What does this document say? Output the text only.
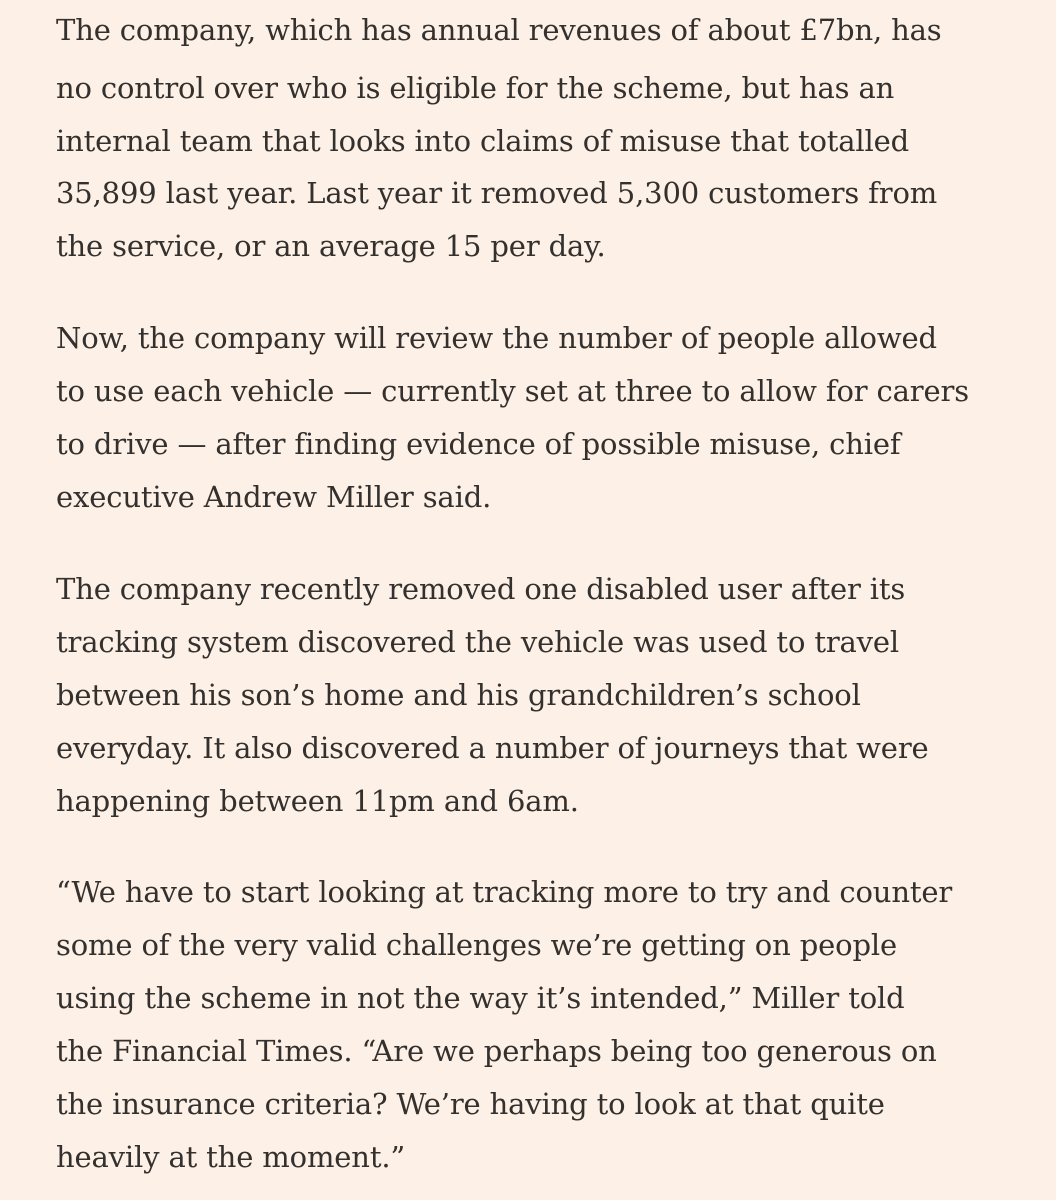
The company, which has annual revenues of about £7bn, has
no control over who is eligible for the scheme, but has an
internal team that looks into claims of misuse that totalled
35,899 last year. Last year it removed 5,300 customers from
the service, or an average 15 per day.
Now, the company will review the number of people allowed
to use each vehicle — currently set at three to allow for carers
to drive — after finding evidence of possible misuse, chief
executive Andrew Miller said.
The company recently removed one disabled user after its
tracking system discovered the vehicle was used to travel
between his son’s home and his grandchildren’s school
everyday. It also discovered a number of journeys that were
happening between 11pm and 6am.
“We have to start looking at tracking more to try and counter
some of the very valid challenges we’re getting on people
using the scheme in not the way it’s intended,” Miller told
the Financial Times. “Are we perhaps being too generous on
the insurance criteria? We’re having to look at that quite
heavily at the moment.”
